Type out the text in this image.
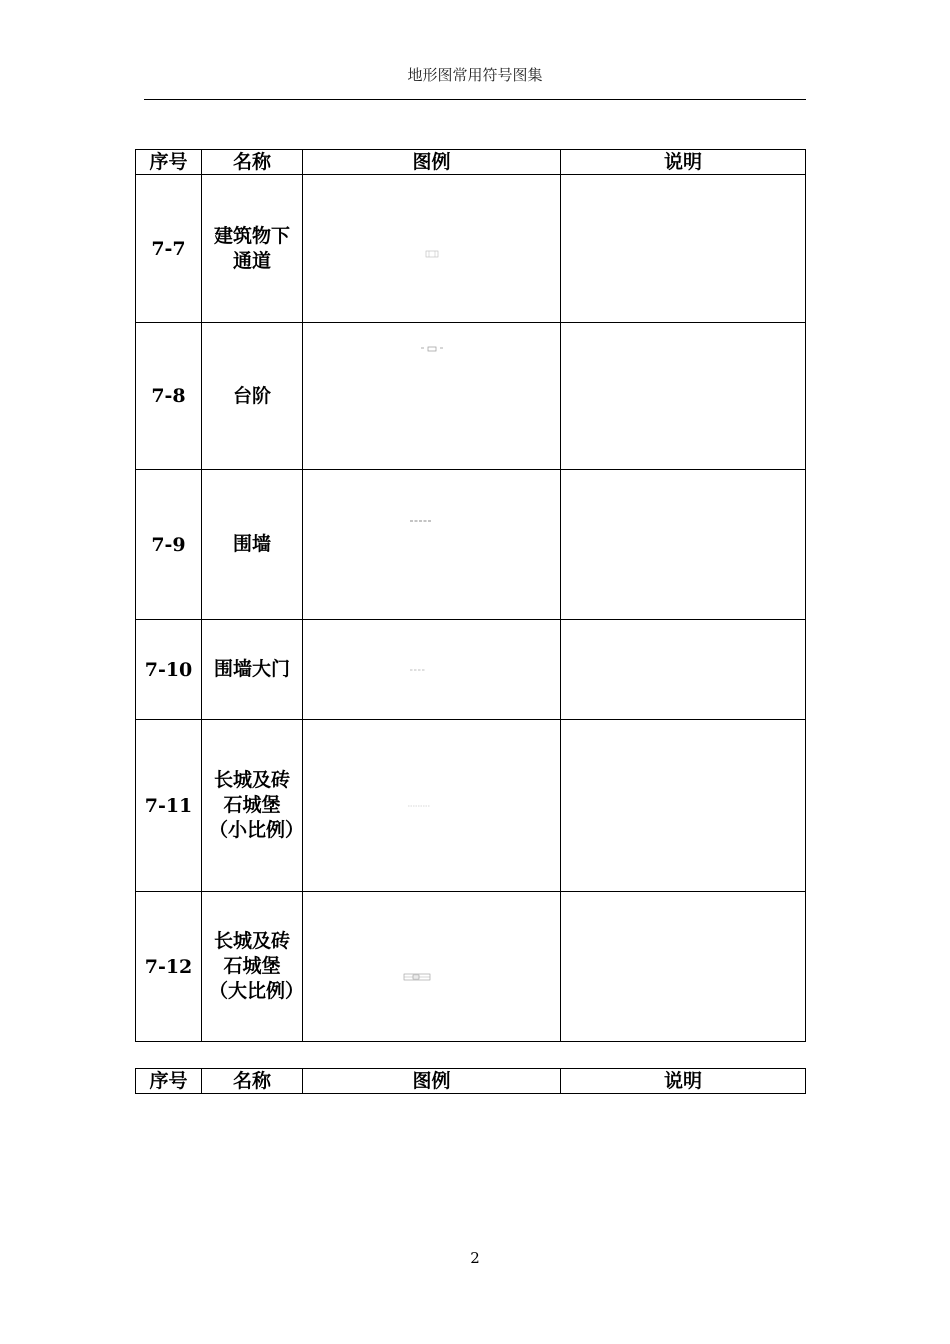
地形图常用符号图集
序号	名称	图例	说明
7-7	建筑物下通道	

7-8	台阶	

7-9	围墙	

7-10	围墙大门	

7-11	长城及砖石城堡（小比例）	

7-12	长城及砖石城堡（大比例）	

序号	名称	图例	说明
2
